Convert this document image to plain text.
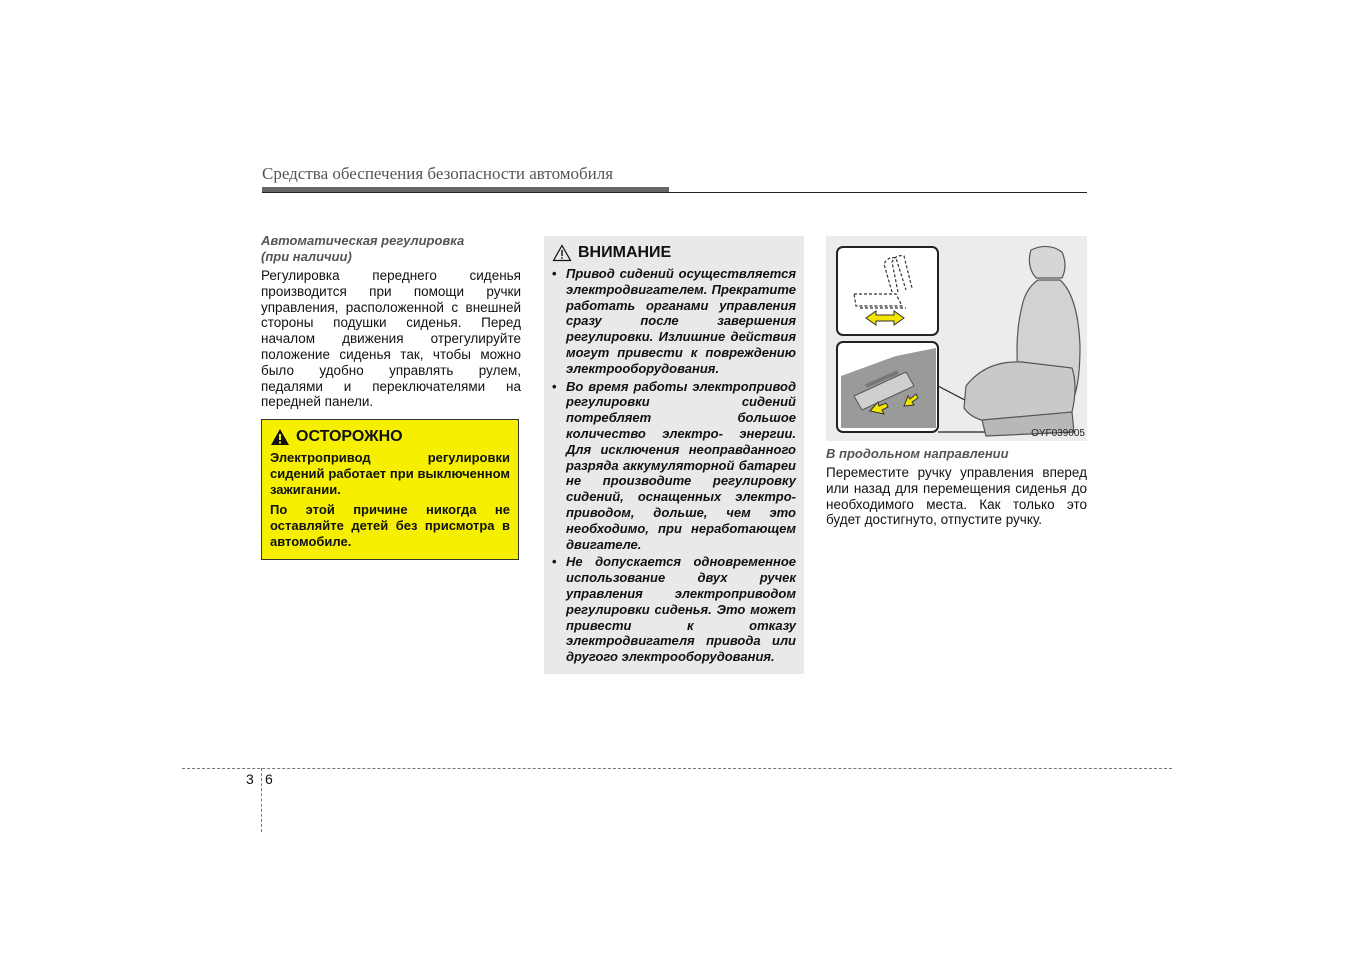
Средства обеспечения безопасности автомобиля
Автоматическая регулировка
(при наличии)
Регулировка переднего сиденья производится при помощи ручки управления, расположенной с внешней стороны подушки сиденья. Перед началом движения отрегулируйте положение сиденья так, чтобы можно было удобно управлять рулем, педалями и переключателями на передней панели.
ОСТОРОЖНО
Электропривод регулировки сидений работает при выключенном зажигании.
По этой причине никогда не оставляйте детей без присмотра в автомобиле.
ВНИМАНИЕ
• Привод сидений осуществляется электродвигателем. Прекратите работать органами управления сразу после завершения регулировки. Излишние действия могут привести к повреждению электрооборудования.
• Во время работы электропривод регулировки сидений потребляет большое количество электро- энергии. Для исключения неоправданного разряда аккумуляторной батареи не производите регулировку сидений, оснащенных электро- приводом, дольше, чем это необходимо, при неработающем двигателе.
• Не допускается одновременное использование двух ручек управления электроприводом регулировки сиденья. Это может привести к отказу электродвигателя привода или другого электрооборудования.
OYF039005
В продольном направлении
Переместите ручку управления вперед или назад для перемещения сиденья до необходимого места. Как только это будет достигнуто, отпустите ручку.
3 6
